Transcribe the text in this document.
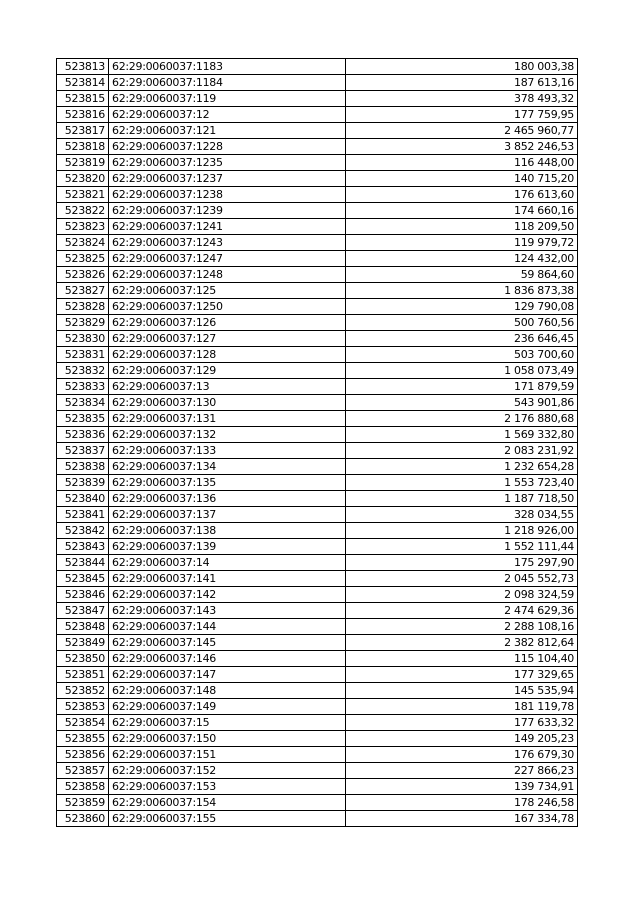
523813	62:29:0060037:1183	180 003,38
523814	62:29:0060037:1184	187 613,16
523815	62:29:0060037:119	378 493,32
523816	62:29:0060037:12	177 759,95
523817	62:29:0060037:121	2 465 960,77
523818	62:29:0060037:1228	3 852 246,53
523819	62:29:0060037:1235	116 448,00
523820	62:29:0060037:1237	140 715,20
523821	62:29:0060037:1238	176 613,60
523822	62:29:0060037:1239	174 660,16
523823	62:29:0060037:1241	118 209,50
523824	62:29:0060037:1243	119 979,72
523825	62:29:0060037:1247	124 432,00
523826	62:29:0060037:1248	59 864,60
523827	62:29:0060037:125	1 836 873,38
523828	62:29:0060037:1250	129 790,08
523829	62:29:0060037:126	500 760,56
523830	62:29:0060037:127	236 646,45
523831	62:29:0060037:128	503 700,60
523832	62:29:0060037:129	1 058 073,49
523833	62:29:0060037:13	171 879,59
523834	62:29:0060037:130	543 901,86
523835	62:29:0060037:131	2 176 880,68
523836	62:29:0060037:132	1 569 332,80
523837	62:29:0060037:133	2 083 231,92
523838	62:29:0060037:134	1 232 654,28
523839	62:29:0060037:135	1 553 723,40
523840	62:29:0060037:136	1 187 718,50
523841	62:29:0060037:137	328 034,55
523842	62:29:0060037:138	1 218 926,00
523843	62:29:0060037:139	1 552 111,44
523844	62:29:0060037:14	175 297,90
523845	62:29:0060037:141	2 045 552,73
523846	62:29:0060037:142	2 098 324,59
523847	62:29:0060037:143	2 474 629,36
523848	62:29:0060037:144	2 288 108,16
523849	62:29:0060037:145	2 382 812,64
523850	62:29:0060037:146	115 104,40
523851	62:29:0060037:147	177 329,65
523852	62:29:0060037:148	145 535,94
523853	62:29:0060037:149	181 119,78
523854	62:29:0060037:15	177 633,32
523855	62:29:0060037:150	149 205,23
523856	62:29:0060037:151	176 679,30
523857	62:29:0060037:152	227 866,23
523858	62:29:0060037:153	139 734,91
523859	62:29:0060037:154	178 246,58
523860	62:29:0060037:155	167 334,78
